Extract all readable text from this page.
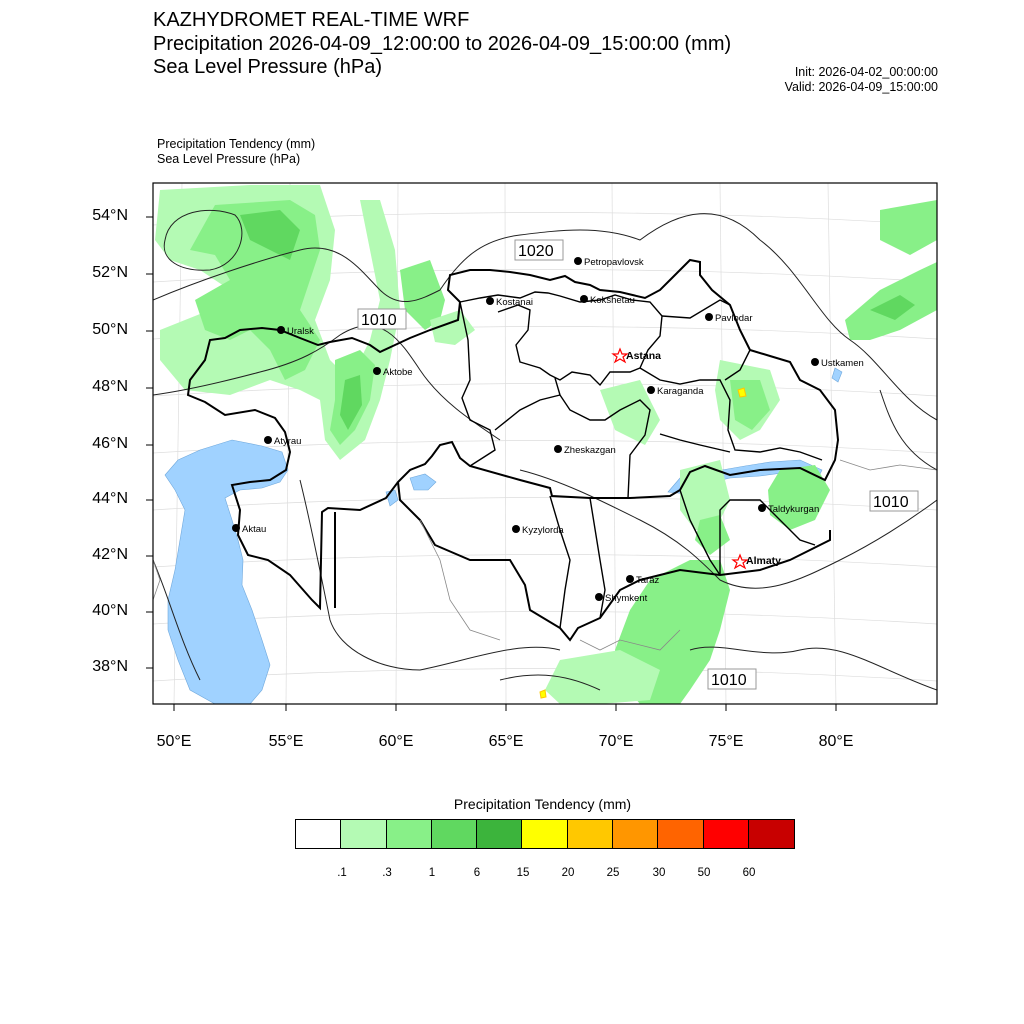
KAZHYDROMET REAL-TIME WRF
Precipitation 2026-04-09_12:00:00 to 2026-04-09_15:00:00 (mm)
Sea Level Pressure (hPa)	Init: 2026-04-02_00:00:00
Valid: 2026-04-09_15:00:00
Precipitation Tendency (mm)
Sea Level Pressure (hPa)
1020
1010
1010
1010
Petropavlovsk
Kostanai	Kokshetau
Pavlodar
Uralsk
Astana
Aktobe
Ustkamen
Karaganda
Atyrau
Zheskazgan
Taldykurgan
Aktau	Kyzylorda
Almaty
Taraz
Shymkent
54°N
52°N
50°N
48°N
46°N
44°N
42°N
40°N
38°N
50°E	55°E	60°E	65°E	70°E	75°E	80°E
Precipitation Tendency (mm)
.1	.3	1	6	15	20	25	30	50	60
